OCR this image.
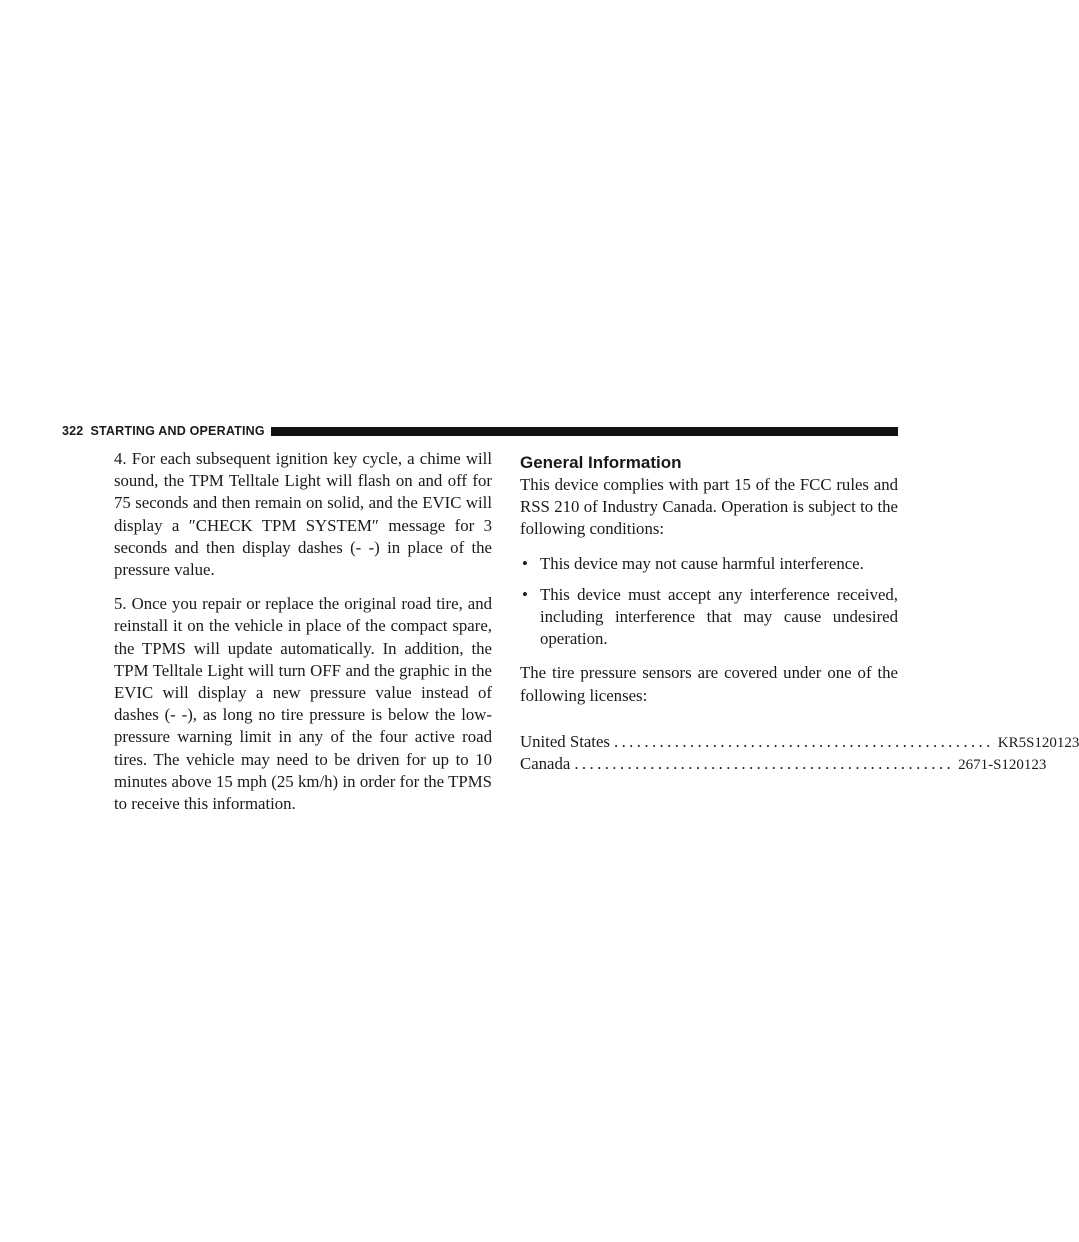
322 STARTING AND OPERATING

4. For each subsequent ignition key cycle, a chime will sound, the TPM Telltale Light will flash on and off for 75 seconds and then remain on solid, and the EVIC will display a ″CHECK TPM SYSTEM″ message for 3 seconds and then display dashes (- -) in place of the pressure value.

5. Once you repair or replace the original road tire, and reinstall it on the vehicle in place of the compact spare, the TPMS will update automatically. In addition, the TPM Telltale Light will turn OFF and the graphic in the EVIC will display a new pressure value instead of dashes (- -), as long no tire pressure is below the low-pressure warning limit in any of the four active road tires. The vehicle may need to be driven for up to 10 minutes above 15 mph (25 km/h) in order for the TPMS to receive this information.

General Information

This device complies with part 15 of the FCC rules and RSS 210 of Industry Canada. Operation is subject to the following conditions:

• This device may not cause harmful interference.
• This device must accept any interference received, including interference that may cause undesired operation.

The tire pressure sensors are covered under one of the following licenses:

United States .................................................. KR5S120123
Canada .................................................. 2671-S120123
